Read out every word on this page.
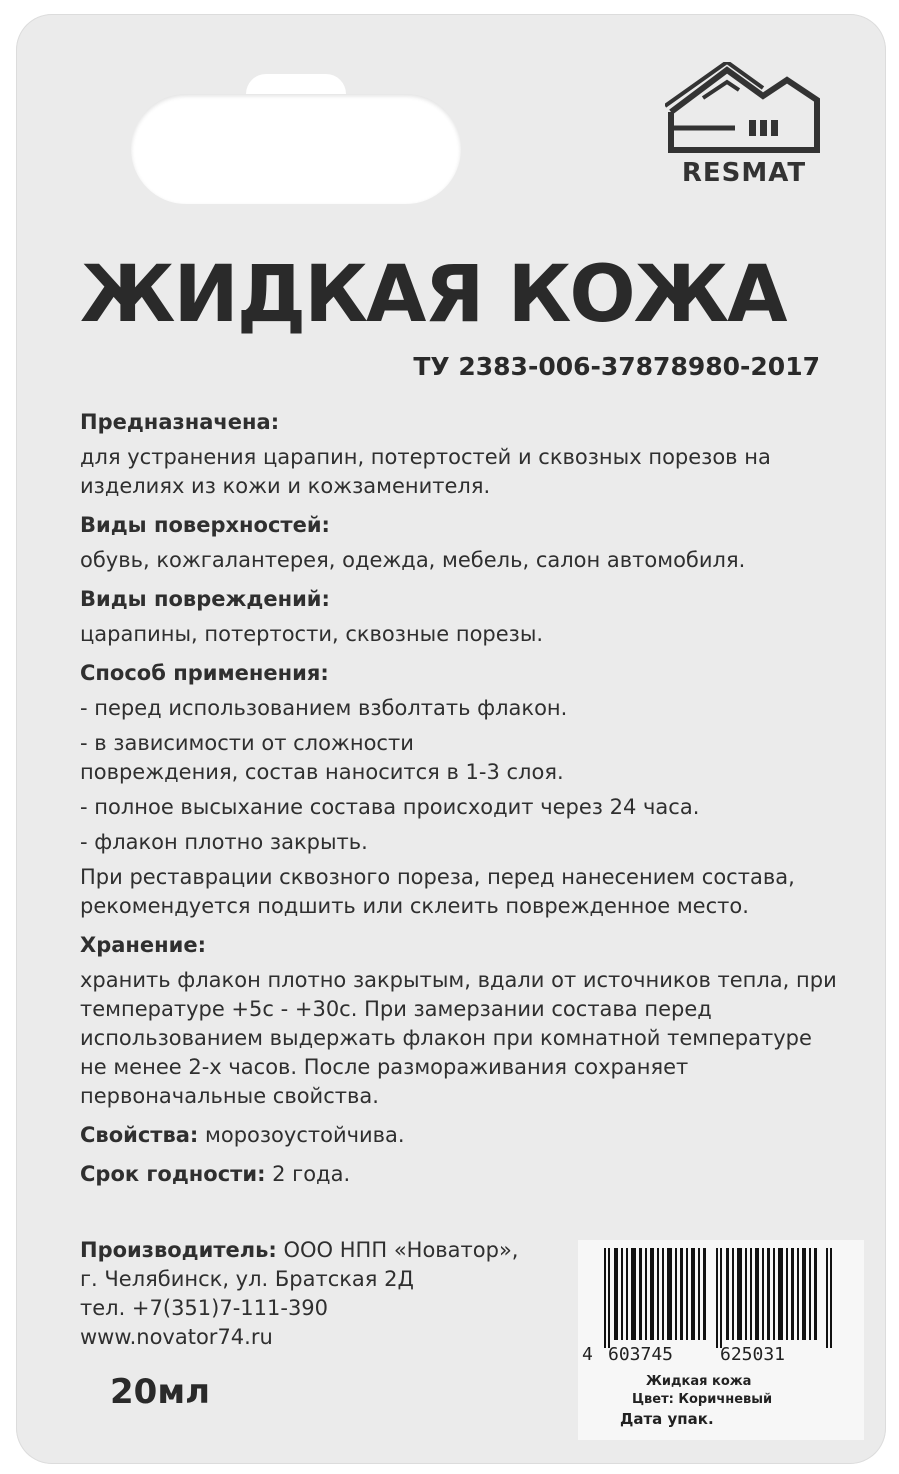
RESMAT
ЖИДКАЯ КОЖА
ТУ 2383-006-37878980-2017
Предназначена:
для устранения царапин, потертостей и сквозных порезов на изделиях из кожи и кожзаменителя.
Виды поверхностей:
обувь, кожгалантерея, одежда, мебель, салон автомобиля.
Виды повреждений:
царапины, потертости, сквозные порезы.
Способ применения:
- перед использованием взболтать флакон.
- в зависимости от сложности
повреждения, состав наносится в 1-3 слоя.
- полное высыхание состава происходит через 24 часа.
- флакон плотно закрыть.
При реставрации сквозного пореза, перед нанесением состава, рекомендуется подшить или склеить поврежденное место.
Хранение:
хранить флакон плотно закрытым, вдали от источников тепла, при температуре +5с - +30с. При замерзании состава перед использованием выдержать флакон при комнатной температуре не менее 2-х часов. После размораживания сохраняет первоначальные свойства.
Свойства: морозоустойчива.
Срок годности: 2 года.
Производитель: ООО НПП «Новатор»,
г. Челябинск, ул. Братская 2Д
тел. +7(351)7-111-390
www.novator74.ru
20мл
4 603745	625031
Жидкая кожа
Цвет: Коричневый
Дата упак.
